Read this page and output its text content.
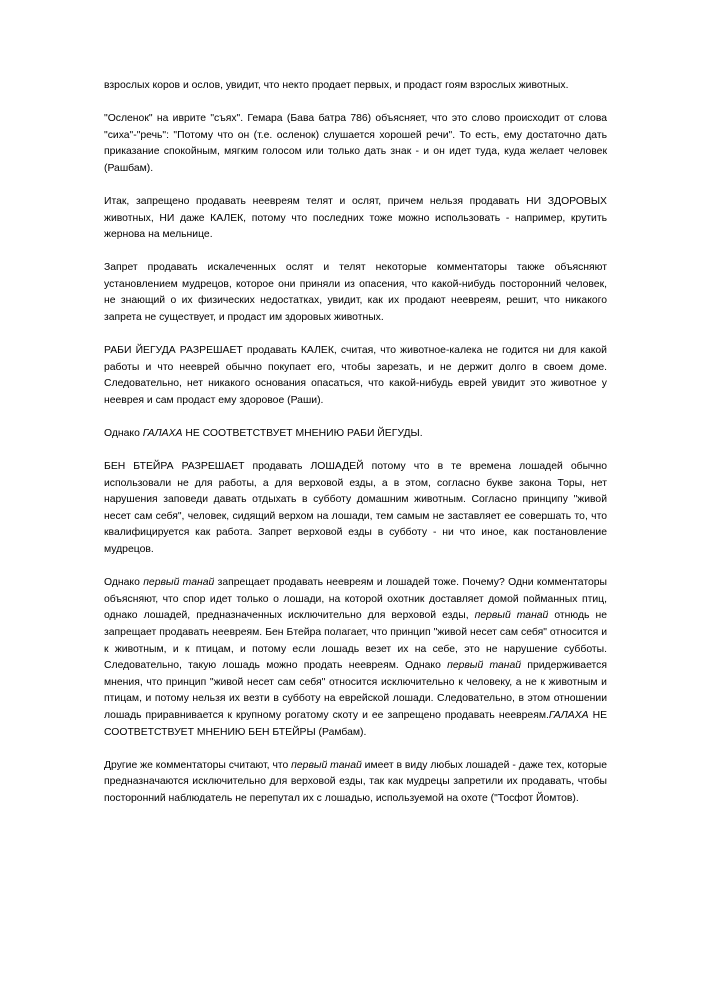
взрослых коров и ослов, увидит, что некто продает первых, и продаст гоям взрослых животных.

"Осленок" на иврите "съях". Гемара (Бава батра 786) объясняет, что это слово происходит от слова "сиха"-"речь": "Потому что он (т.е. осленок) слушается хорошей речи". То есть, ему достаточно дать приказание спокойным, мягким голосом или только дать знак - и он идет туда, куда желает человек (Рашбам).

Итак, запрещено продавать неевреям телят и ослят, причем нельзя продавать НИ ЗДОРОВЫХ животных, НИ даже КАЛЕК, потому что последних тоже можно использовать - например, крутить жернова на мельнице.

Запрет продавать искалеченных ослят и телят некоторые комментаторы также объясняют установлением мудрецов, которое они приняли из опасения, что какой-нибудь посторонний человек, не знающий о их физических недостатках, увидит, как их продают неевреям, решит, что никакого запрета не существует, и продаст им здоровых животных.

РАБИ ЙЕГУДА РАЗРЕШАЕТ продавать КАЛЕК, считая, что животное-калека не годится ни для какой работы и что нееврей обычно покупает его, чтобы зарезать, и не держит долго в своем доме. Следовательно, нет никакого основания опасаться, что какой-нибудь еврей увидит это животное у нееврея и сам продаст ему здоровое (Раши).

Однако ГАЛАХА НЕ СООТВЕТСТВУЕТ МНЕНИЮ РАБИ ЙЕГУДЫ.

БЕН БТЕЙРА РАЗРЕШАЕТ продавать ЛОШАДЕЙ потому что в те времена лошадей обычно использовали не для работы, а для верховой езды, а в этом, согласно букве закона Торы, нет нарушения заповеди давать отдыхать в субботу домашним животным. Согласно принципу "живой несет сам себя", человек, сидящий верхом на лошади, тем самым не заставляет ее совершать то, что квалифицируется как работа. Запрет верховой езды в субботу - ни что иное, как постановление мудрецов.

Однако первый танай запрещает продавать неевреям и лошадей тоже. Почему? Одни комментаторы объясняют, что спор идет только о лошади, на которой охотник доставляет домой пойманных птиц, однако лошадей, предназначенных исключительно для верховой езды, первый танай отнюдь не запрещает продавать неевреям. Бен Бтейра полагает, что принцип "живой несет сам себя" относится и к животным, и к птицам, и потому если лошадь везет их на себе, это не нарушение субботы. Следовательно, такую лошадь можно продать неевреям. Однако первый танай придерживается мнения, что принцип "живой несет сам себя" относится исключительно к человеку, а не к животным и птицам, и потому нельзя их везти в субботу на еврейской лошади. Следовательно, в этом отношении лошадь приравнивается к крупному рогатому скоту и ее запрещено продавать неевреям.ГАЛАХА НЕ СООТВЕТСТВУЕТ МНЕНИЮ БЕН БТЕЙРЫ (Рамбам).

Другие же комментаторы считают, что первый танай имеет в виду любых лошадей - даже тех, которые предназначаются исключительно для верховой езды, так как мудрецы запретили их продавать, чтобы посторонний наблюдатель не перепутал их с лошадью, используемой на охоте ("Тосфот Йомтов).
